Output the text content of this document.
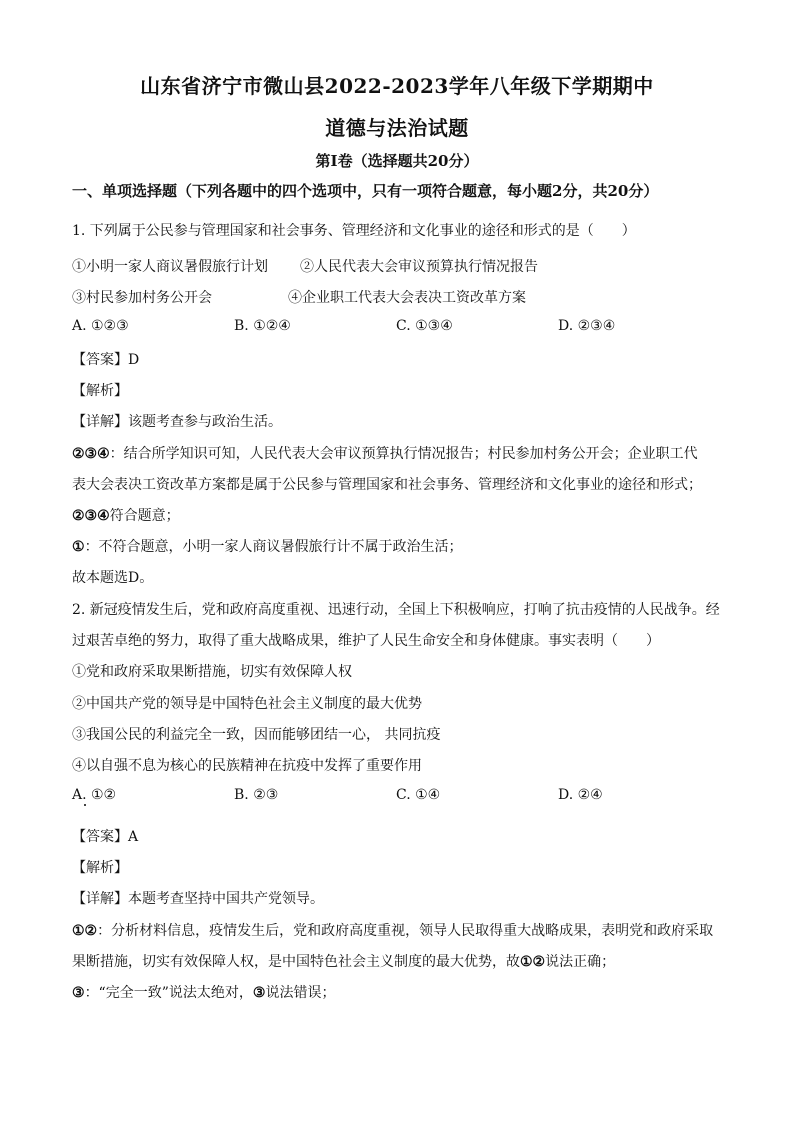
山东省济宁市微山县2022-2023学年八年级下学期期中
道德与法治试题
第Ⅰ卷（选择题共20分）
一、单项选择题（下列各题中的四个选项中，只有一项符合题意，每小题2分，共20分）
1. 下列属于公民参与管理国家和社会事务、管理经济和文化事业的途径和形式的是（　　）
①小明一家人商议暑假旅行计划 ②人民代表大会审议预算执行情况报告
③村民参加村务公开会	④企业职工代表大会表决工资改革方案
A. ①②③	B. ①②④	C. ①③④	D. ②③④
【答案】D
【解析】
【详解】该题考查参与政治生活。
②③④：结合所学知识可知，人民代表大会审议预算执行情况报告；村民参加村务公开会；企业职工代
表大会表决工资改革方案都是属于公民参与管理国家和社会事务、管理经济和文化事业的途径和形式；
②③④符合题意；
①：不符合题意，小明一家人商议暑假旅行计不属于政治生活；
故本题选D。
2. 新冠疫情发生后，党和政府高度重视、迅速行动，全国上下积极响应，打响了抗击疫情的人民战争。经
过艰苦卓绝的努力，取得了重大战略成果，维护了人民生命安全和身体健康。事实表明（　　）
①党和政府采取果断措施，切实有效保障人权
②中国共产党的领导是中国特色社会主义制度的最大优势
③我国公民的利益完全一致，因而能够团结一心， 共同抗疫
④以自强不息为核心的民族精神在抗疫中发挥了重要作用
A. ①②	B. ②③	C. ①④	D. ②④
【答案】A
【解析】
【详解】本题考查坚持中国共产党领导。
①②：分析材料信息，疫情发生后，党和政府高度重视，领导人民取得重大战略成果，表明党和政府采取
果断措施，切实有效保障人权，是中国特色社会主义制度的最大优势，故①②说法正确；
③：“完全一致”说法太绝对，③说法错误；
